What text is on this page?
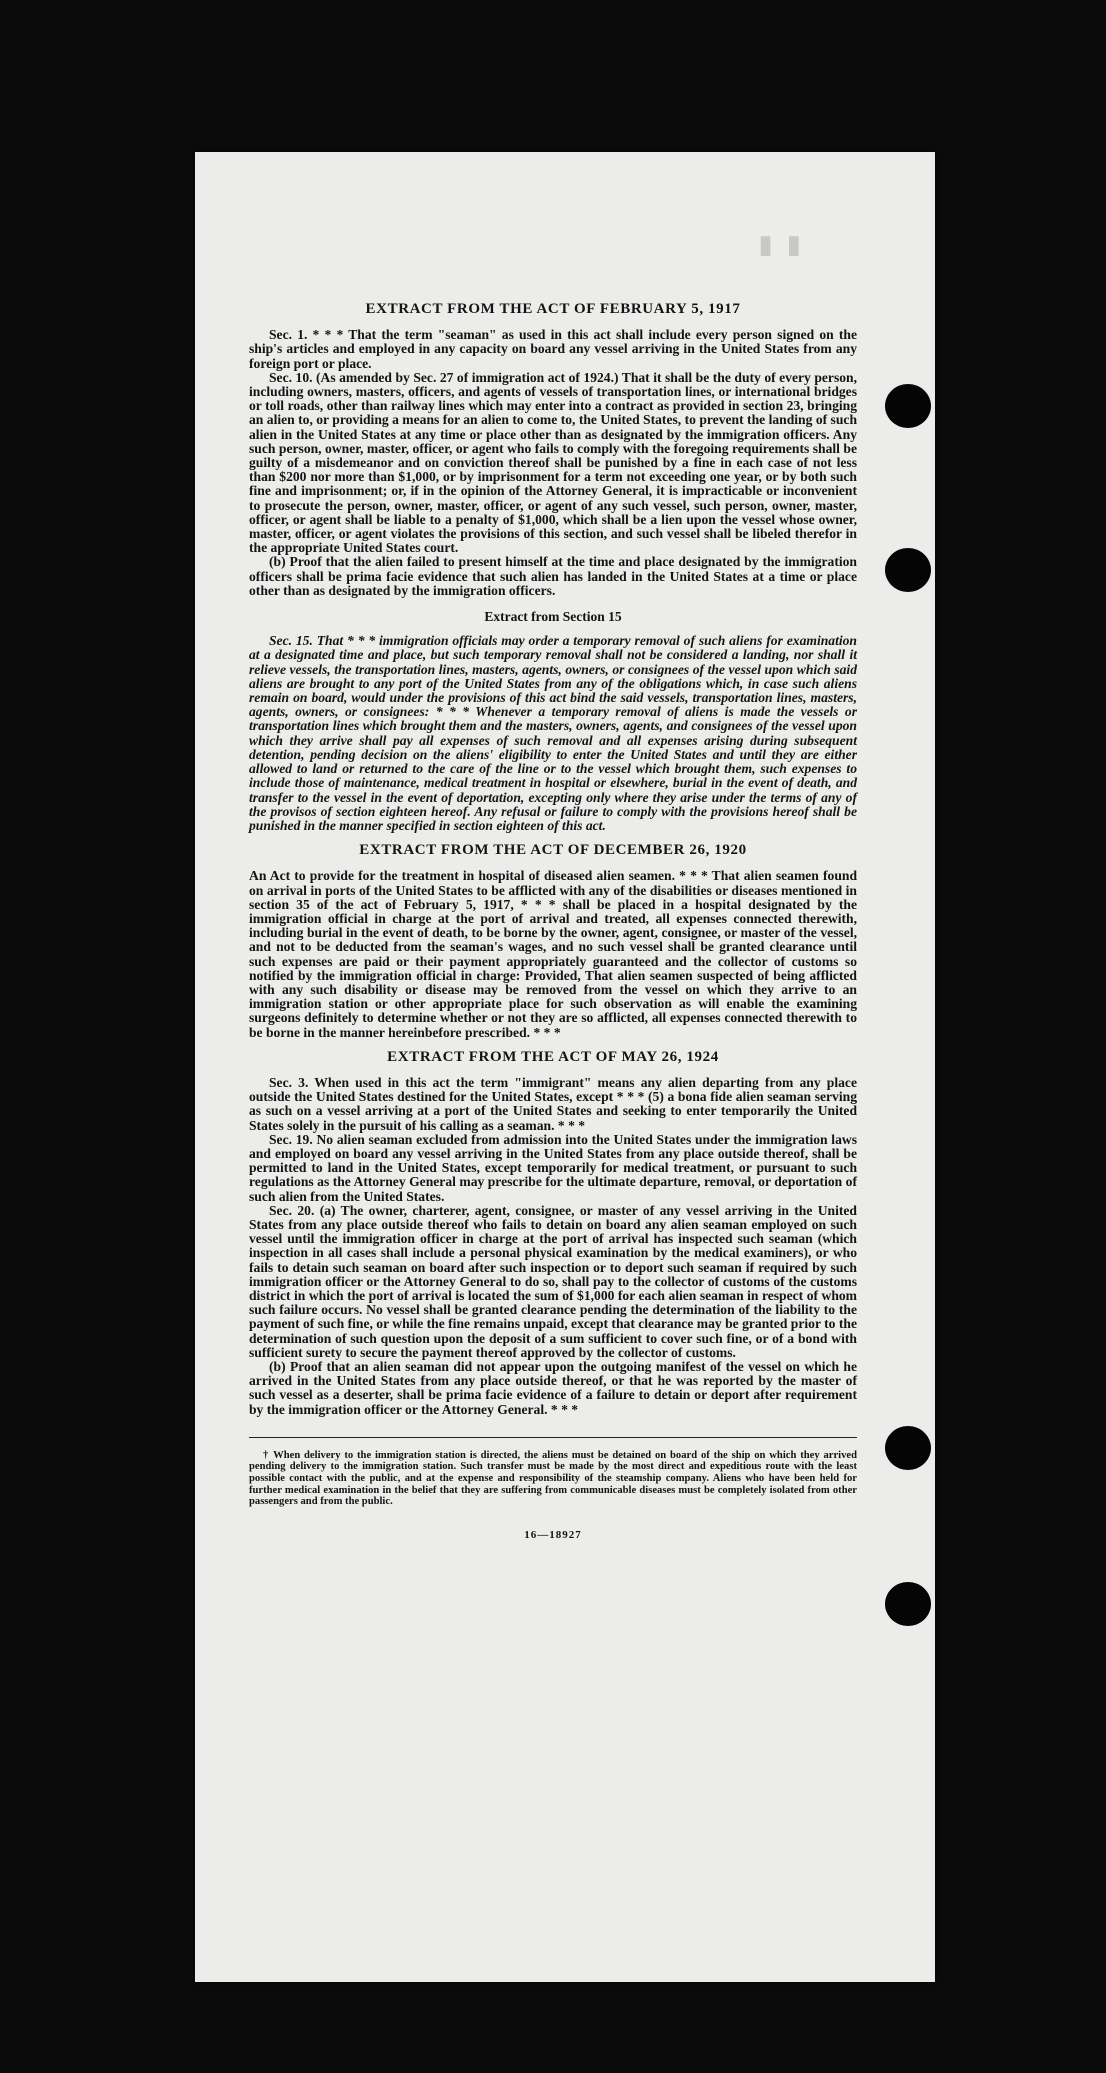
▮▮
EXTRACT FROM THE ACT OF FEBRUARY 5, 1917

Sec. 1. * * * That the term "seaman" as used in this act shall include every person signed on the ship's articles and employed in any capacity on board any vessel arriving in the United States from any foreign port or place.

Sec. 10. (As amended by Sec. 27 of immigration act of 1924.) That it shall be the duty of every person, including owners, masters, officers, and agents of vessels of transportation lines, or international bridges or toll roads, other than railway lines which may enter into a contract as provided in section 23, bringing an alien to, or providing a means for an alien to come to, the United States, to prevent the landing of such alien in the United States at any time or place other than as designated by the immigration officers. Any such person, owner, master, officer, or agent who fails to comply with the foregoing requirements shall be guilty of a misdemeanor and on conviction thereof shall be punished by a fine in each case of not less than $200 nor more than $1,000, or by imprisonment for a term not exceeding one year, or by both such fine and imprisonment; or, if in the opinion of the Attorney General, it is impracticable or inconvenient to prosecute the person, owner, master, officer, or agent of any such vessel, such person, owner, master, officer, or agent shall be liable to a penalty of $1,000, which shall be a lien upon the vessel whose owner, master, officer, or agent violates the provisions of this section, and such vessel shall be libeled therefor in the appropriate United States court.

(b) Proof that the alien failed to present himself at the time and place designated by the immigration officers shall be prima facie evidence that such alien has landed in the United States at a time or place other than as designated by the immigration officers.

Extract from Section 15

Sec. 15. That * * * immigration officials may order a temporary removal of such aliens for examination at a designated time and place, but such temporary removal shall not be considered a landing, nor shall it relieve vessels, the transportation lines, masters, agents, owners, or consignees of the vessel upon which said aliens are brought to any port of the United States from any of the obligations which, in case such aliens remain on board, would under the provisions of this act bind the said vessels, transportation lines, masters, agents, owners, or consignees: * * * Whenever a temporary removal of aliens is made the vessels or transportation lines which brought them and the masters, owners, agents, and consignees of the vessel upon which they arrive shall pay all expenses of such removal and all expenses arising during subsequent detention, pending decision on the aliens' eligibility to enter the United States and until they are either allowed to land or returned to the care of the line or to the vessel which brought them, such expenses to include those of maintenance, medical treatment in hospital or elsewhere, burial in the event of death, and transfer to the vessel in the event of deportation, excepting only where they arise under the terms of any of the provisos of section eighteen hereof. Any refusal or failure to comply with the provisions hereof shall be punished in the manner specified in section eighteen of this act.

EXTRACT FROM THE ACT OF DECEMBER 26, 1920

An Act to provide for the treatment in hospital of diseased alien seamen. * * * That alien seamen found on arrival in ports of the United States to be afflicted with any of the disabilities or diseases mentioned in section 35 of the act of February 5, 1917, * * * shall be placed in a hospital designated by the immigration official in charge at the port of arrival and treated, all expenses connected therewith, including burial in the event of death, to be borne by the owner, agent, consignee, or master of the vessel, and not to be deducted from the seaman's wages, and no such vessel shall be granted clearance until such expenses are paid or their payment appropriately guaranteed and the collector of customs so notified by the immigration official in charge: Provided, That alien seamen suspected of being afflicted with any such disability or disease may be removed from the vessel on which they arrive to an immigration station or other appropriate place for such observation as will enable the examining surgeons definitely to determine whether or not they are so afflicted, all expenses connected therewith to be borne in the manner hereinbefore prescribed. * * *

EXTRACT FROM THE ACT OF MAY 26, 1924

Sec. 3. When used in this act the term "immigrant" means any alien departing from any place outside the United States destined for the United States, except * * * (5) a bona fide alien seaman serving as such on a vessel arriving at a port of the United States and seeking to enter temporarily the United States solely in the pursuit of his calling as a seaman. * * *

Sec. 19. No alien seaman excluded from admission into the United States under the immigration laws and employed on board any vessel arriving in the United States from any place outside thereof, shall be permitted to land in the United States, except temporarily for medical treatment, or pursuant to such regulations as the Attorney General may prescribe for the ultimate departure, removal, or deportation of such alien from the United States.

Sec. 20. (a) The owner, charterer, agent, consignee, or master of any vessel arriving in the United States from any place outside thereof who fails to detain on board any alien seaman employed on such vessel until the immigration officer in charge at the port of arrival has inspected such seaman (which inspection in all cases shall include a personal physical examination by the medical examiners), or who fails to detain such seaman on board after such inspection or to deport such seaman if required by such immigration officer or the Attorney General to do so, shall pay to the collector of customs of the customs district in which the port of arrival is located the sum of $1,000 for each alien seaman in respect of whom such failure occurs. No vessel shall be granted clearance pending the determination of the liability to the payment of such fine, or while the fine remains unpaid, except that clearance may be granted prior to the determination of such question upon the deposit of a sum sufficient to cover such fine, or of a bond with sufficient surety to secure the payment thereof approved by the collector of customs.

(b) Proof that an alien seaman did not appear upon the outgoing manifest of the vessel on which he arrived in the United States from any place outside thereof, or that he was reported by the master of such vessel as a deserter, shall be prima facie evidence of a failure to detain or deport after requirement by the immigration officer or the Attorney General. * * *

† When delivery to the immigration station is directed, the aliens must be detained on board of the ship on which they arrived pending delivery to the immigration station. Such transfer must be made by the most direct and expeditious route with the least possible contact with the public, and at the expense and responsibility of the steamship company. Aliens who have been held for further medical examination in the belief that they are suffering from communicable diseases must be completely isolated from other passengers and from the public.

16—18927
